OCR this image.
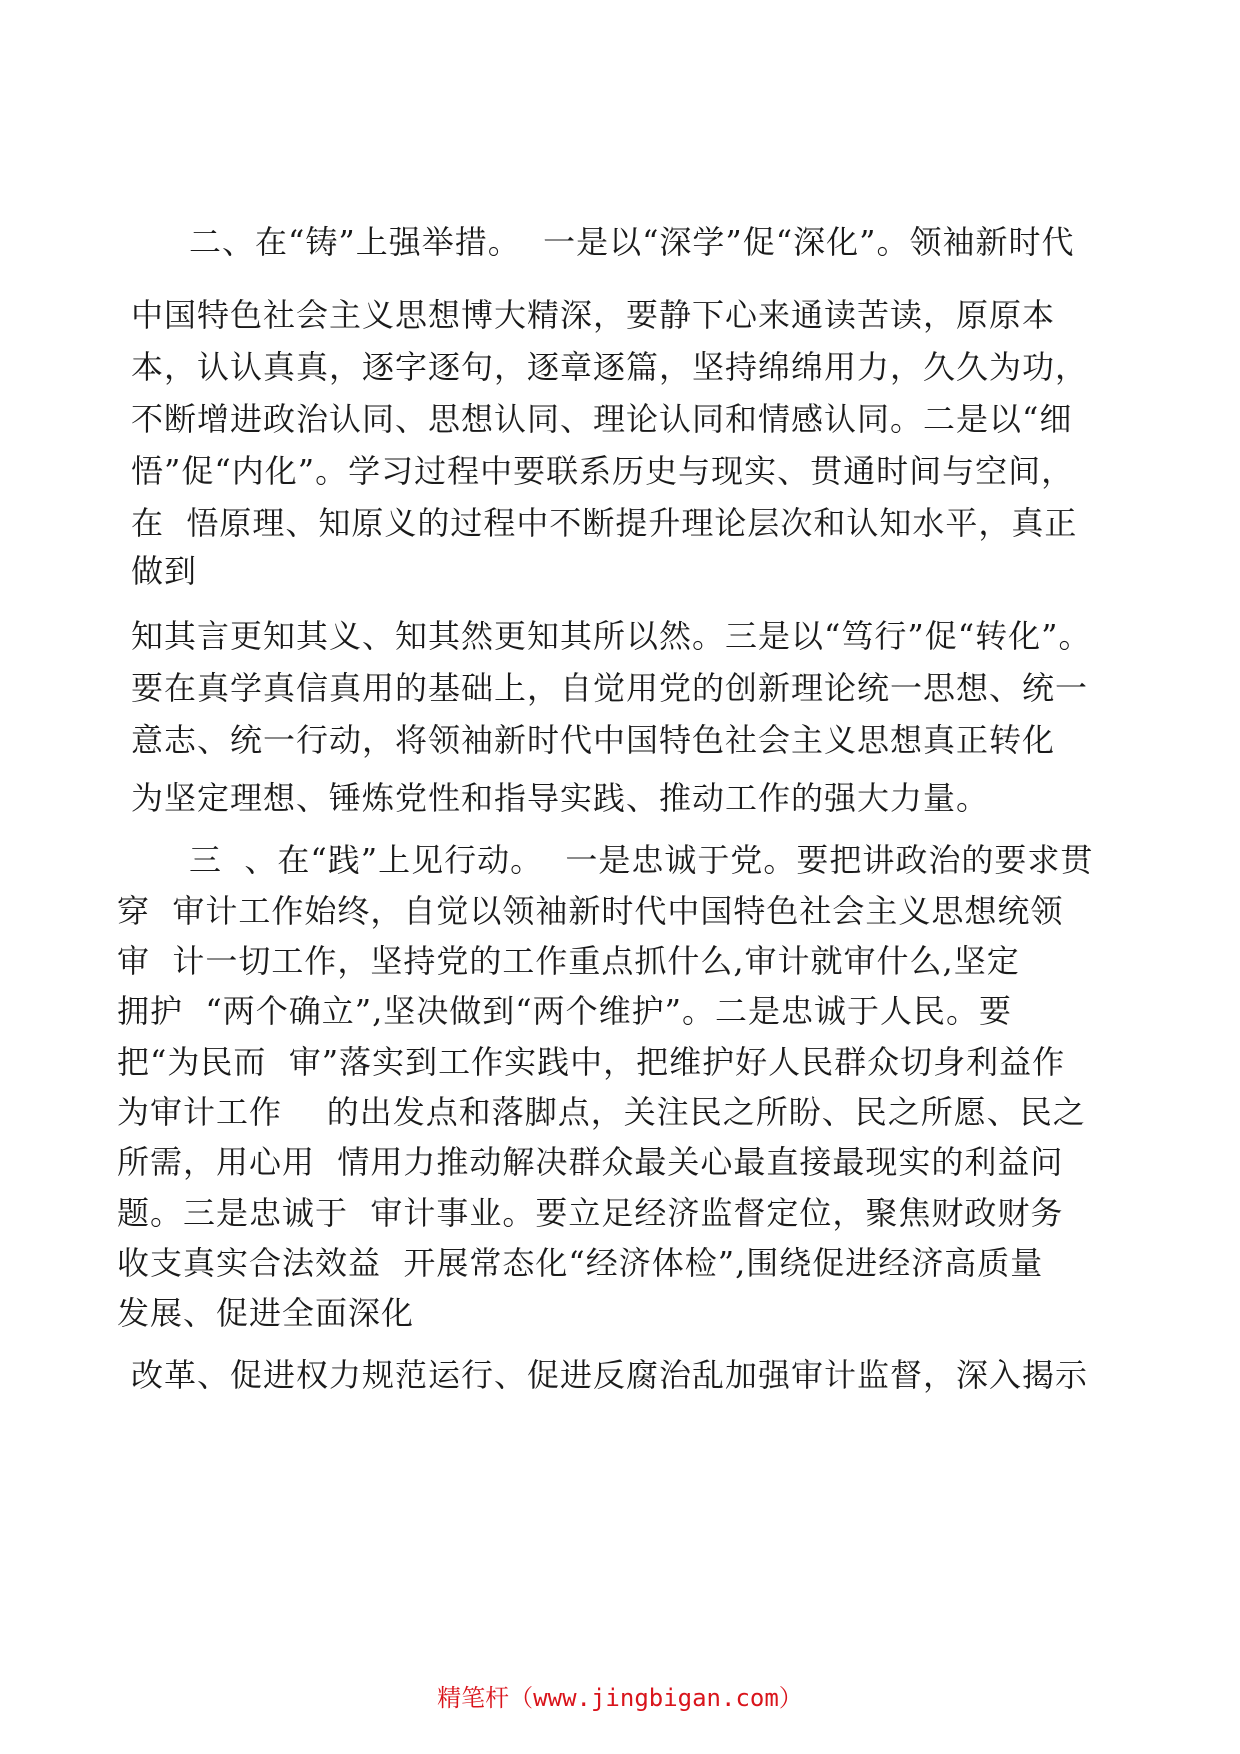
二、在“铸”上强举措。  一是以“深学”促“深化”。领袖新时代
中国特色社会主义思想博大精深，要静下心来通读苦读，原原本
本，认认真真，逐字逐句，逐章逐篇，坚持绵绵用力，久久为功，
不断增进政治认同、思想认同、理论认同和情感认同。二是以“细
悟”促“内化”。学习过程中要联系历史与现实、贯通时间与空间，
在  悟原理、知原义的过程中不断提升理论层次和认知水平，真正
做到
知其言更知其义、知其然更知其所以然。三是以“笃行”促“转化”。
要在真学真信真用的基础上，自觉用党的创新理论统一思想、统一
意志、统一行动，将领袖新时代中国特色社会主义思想真正转化
为坚定理想、锤炼党性和指导实践、推动工作的强大力量。
三  、在“践”上见行动。  一是忠诚于党。要把讲政治的要求贯
穿  审计工作始终，自觉以领袖新时代中国特色社会主义思想统领
审  计一切工作，坚持党的工作重点抓什么,审计就审什么,坚定
拥护  “两个确立”,坚决做到“两个维护”。二是忠诚于人民。要
把“为民而  审”落实到工作实践中，把维护好人民群众切身利益作
为审计工作    的出发点和落脚点，关注民之所盼、民之所愿、民之
所需，用心用  情用力推动解决群众最关心最直接最现实的利益问
题。三是忠诚于  审计事业。要立足经济监督定位，聚焦财政财务
收支真实合法效益  开展常态化“经济体检”,围绕促进经济高质量
发展、促进全面深化
改革、促进权力规范运行、促进反腐治乱加强审计监督，深入揭示
精笔杆（www.jingbigan.com）
